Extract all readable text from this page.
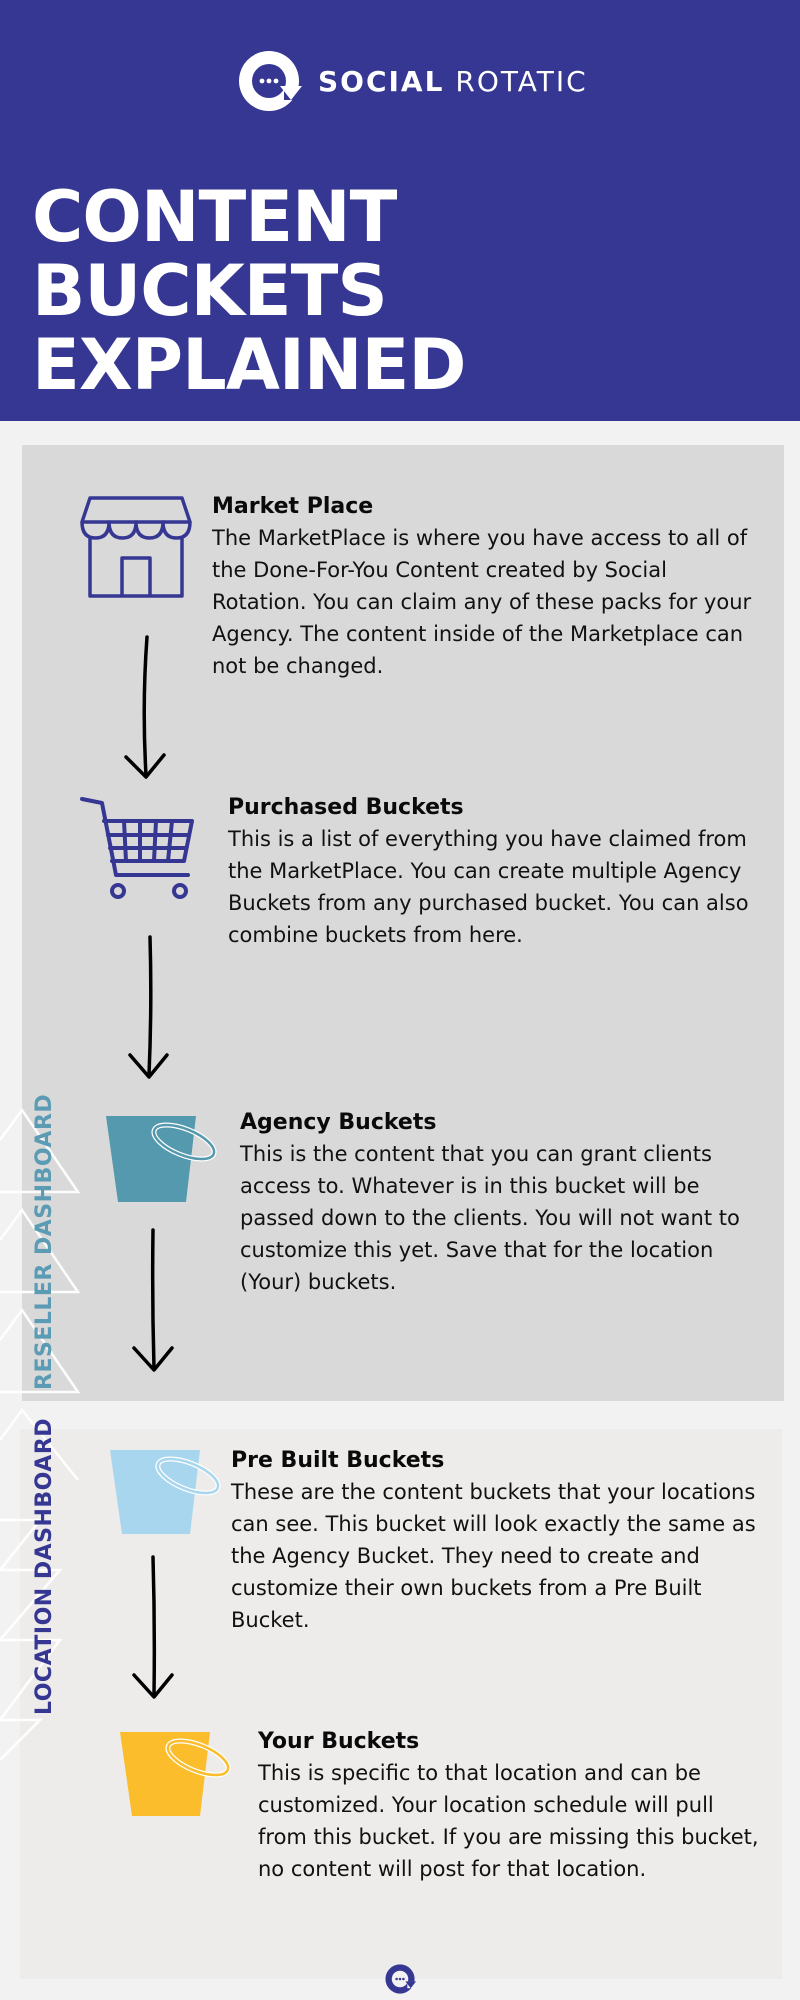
SOCIAL ROTATIC
CONTENT BUCKETS
EXPLAINED
RESELLER DASHBOARD
LOCATION DASHBOARD
Market Place
The MarketPlace is where you have access to all of the Done-For-You Content created by Social Rotation. You can claim any of these packs for your Agency. The content inside of the Marketplace can not be changed.
Purchased Buckets
This is a list of everything you have claimed from the MarketPlace. You can create multiple Agency Buckets from any purchased bucket. You can also combine buckets from here.
Agency Buckets
This is the content that you can grant clients access to. Whatever is in this bucket will be passed down to the clients. You will not want to customize this yet. Save that for the location (Your) buckets.
Pre Built Buckets
These are the content buckets that your locations can see. This bucket will look exactly the same as the Agency Bucket. They need to create and customize their own buckets from a Pre Built Bucket.
Your Buckets
This is specific to that location and can be customized. Your location schedule will pull from this bucket. If you are missing this bucket, no content will post for that location.
